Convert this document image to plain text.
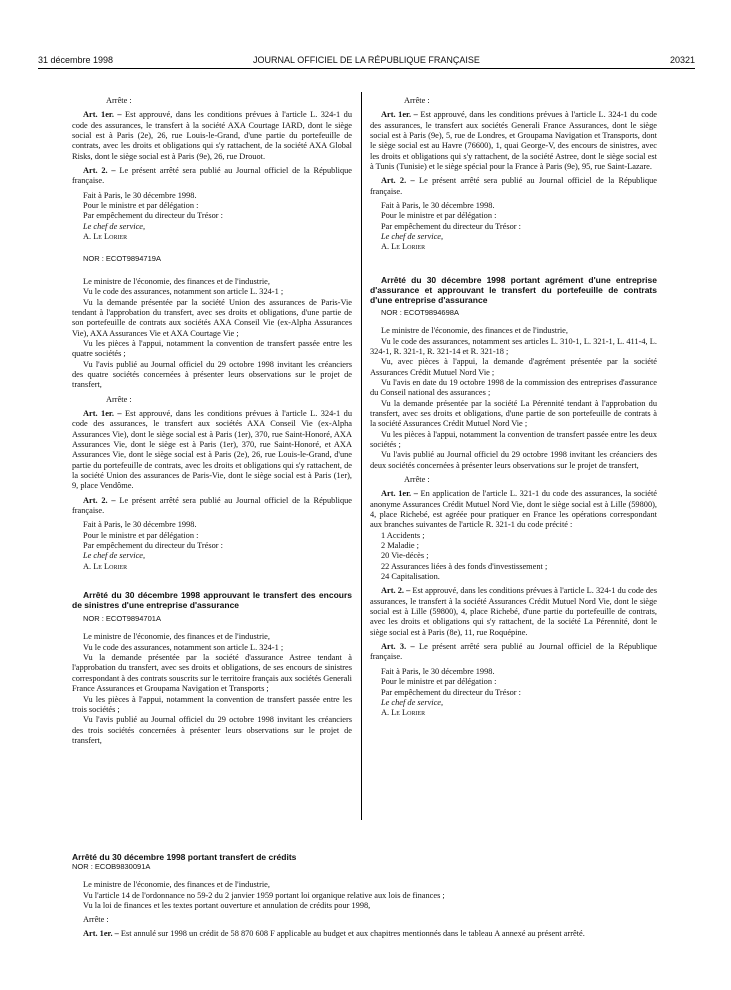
31 décembre 1998	JOURNAL OFFICIEL DE LA RÉPUBLIQUE FRANÇAISE	20321

Arrête :

Art. 1er. – Est approuvé, dans les conditions prévues à l'article L. 324-1 du code des assurances, le transfert à la société AXA Courtage IARD, dont le siège social est à Paris (2e), 26, rue Louis-le-Grand, d'une partie du portefeuille de contrats, avec les droits et obligations qui s'y rattachent, de la société AXA Global Risks, dont le siège social est à Paris (9e), 26, rue Drouot.

Art. 2. – Le présent arrêté sera publié au Journal officiel de la République française.

Fait à Paris, le 30 décembre 1998.

Pour le ministre et par délégation :

Par empêchement du directeur du Trésor :

Le chef de service,

A. Le Lorier

NOR : ECOT9894719A

Le ministre de l'économie, des finances et de l'industrie,

Vu le code des assurances, notamment son article L. 324-1 ;

Vu la demande présentée par la société Union des assurances de Paris-Vie tendant à l'approbation du transfert, avec ses droits et obligations, d'une partie de son portefeuille de contrats aux sociétés AXA Conseil Vie (ex-Alpha Assurances Vie), AXA Assurances Vie et AXA Courtage Vie ;

Vu les pièces à l'appui, notamment la convention de transfert passée entre les quatre sociétés ;

Vu l'avis publié au Journal officiel du 29 octobre 1998 invitant les créanciers des quatre sociétés concernées à présenter leurs observations sur le projet de transfert,

Arrête :

Art. 1er. – Est approuvé, dans les conditions prévues à l'article L. 324-1 du code des assurances, le transfert aux sociétés AXA Conseil Vie (ex-Alpha Assurances Vie), dont le siège social est à Paris (1er), 370, rue Saint-Honoré, AXA Assurances Vie, dont le siège est à Paris (1er), 370, rue Saint-Honoré, et AXA Assurances Vie, dont le siège social est à Paris (2e), 26, rue Louis-le-Grand, d'une partie du portefeuille de contrats, avec les droits et obligations qui s'y rattachent, de la société Union des assurances de Paris-Vie, dont le siège social est à Paris (1er), 9, place Vendôme.

Art. 2. – Le présent arrêté sera publié au Journal officiel de la République française.

Fait à Paris, le 30 décembre 1998.

Pour le ministre et par délégation :

Par empêchement du directeur du Trésor :

Le chef de service,

A. Le Lorier

Arrêté du 30 décembre 1998 approuvant le transfert des encours de sinistres d'une entreprise d'assurance

NOR : ECOT9894701A

Le ministre de l'économie, des finances et de l'industrie,

Vu le code des assurances, notamment son article L. 324-1 ;

Vu la demande présentée par la société d'assurance Astree tendant à l'approbation du transfert, avec ses droits et obligations, de ses encours de sinistres correspondant à des contrats souscrits sur le territoire français aux sociétés Generali France Assurances et Groupama Navigation et Transports ;

Vu les pièces à l'appui, notamment la convention de transfert passée entre les trois sociétés ;

Vu l'avis publié au Journal officiel du 29 octobre 1998 invitant les créanciers des trois sociétés concernées à présenter leurs observations sur le projet de transfert,

Arrête :

Art. 1er. – Est approuvé, dans les conditions prévues à l'article L. 324-1 du code des assurances, le transfert aux sociétés Generali France Assurances, dont le siège social est à Paris (9e), 5, rue de Londres, et Groupama Navigation et Transports, dont le siège social est au Havre (76600), 1, quai George-V, des encours de sinistres, avec les droits et obligations qui s'y rattachent, de la société Astree, dont le siège social est à Tunis (Tunisie) et le siège spécial pour la France à Paris (9e), 95, rue Saint-Lazare.

Art. 2. – Le présent arrêté sera publié au Journal officiel de la République française.

Fait à Paris, le 30 décembre 1998.

Pour le ministre et par délégation :

Par empêchement du directeur du Trésor :

Le chef de service,

A. Le Lorier

Arrêté du 30 décembre 1998 portant agrément d'une entreprise d'assurance et approuvant le transfert du portefeuille de contrats d'une entreprise d'assurance

NOR : ECOT9894698A

Le ministre de l'économie, des finances et de l'industrie,

Vu le code des assurances, notamment ses articles L. 310-1, L. 321-1, L. 411-4, L. 324-1, R. 321-1, R. 321-14 et R. 321-18 ;

Vu, avec pièces à l'appui, la demande d'agrément présentée par la société Assurances Crédit Mutuel Nord Vie ;

Vu l'avis en date du 19 octobre 1998 de la commission des entreprises d'assurance du Conseil national des assurances ;

Vu la demande présentée par la société La Pérennité tendant à l'approbation du transfert, avec ses droits et obligations, d'une partie de son portefeuille de contrats à la société Assurances Crédit Mutuel Nord Vie ;

Vu les pièces à l'appui, notamment la convention de transfert passée entre les deux sociétés ;

Vu l'avis publié au Journal officiel du 29 octobre 1998 invitant les créanciers des deux sociétés concernées à présenter leurs observations sur le projet de transfert,

Arrête :

Art. 1er. – En application de l'article L. 321-1 du code des assurances, la société anonyme Assurances Crédit Mutuel Nord Vie, dont le siège social est à Lille (59800), 4, place Richebé, est agréée pour pratiquer en France les opérations correspondant aux branches suivantes de l'article R. 321-1 du code précité :

1 Accidents ;

2 Maladie ;

20 Vie-décès ;

22 Assurances liées à des fonds d'investissement ;

24 Capitalisation.

Art. 2. – Est approuvé, dans les conditions prévues à l'article L. 324-1 du code des assurances, le transfert à la société Assurances Crédit Mutuel Nord Vie, dont le siège social est à Lille (59800), 4, place Richebé, d'une partie du portefeuille de contrats, avec les droits et obligations qui s'y rattachent, de la société La Pérennité, dont le siège social est à Paris (8e), 11, rue Roquépine.

Art. 3. – Le présent arrêté sera publié au Journal officiel de la République française.

Fait à Paris, le 30 décembre 1998.

Pour le ministre et par délégation :

Par empêchement du directeur du Trésor :

Le chef de service,

A. Le Lorier

Arrêté du 30 décembre 1998 portant transfert de crédits

NOR : ECOB9830091A

Le ministre de l'économie, des finances et de l'industrie,

Vu l'article 14 de l'ordonnance no 59-2 du 2 janvier 1959 portant loi organique relative aux lois de finances ;

Vu la loi de finances et les textes portant ouverture et annulation de crédits pour 1998,

Arrête :

Art. 1er. – Est annulé sur 1998 un crédit de 58 870 608 F applicable au budget et aux chapitres mentionnés dans le tableau A annexé au présent arrêté.
